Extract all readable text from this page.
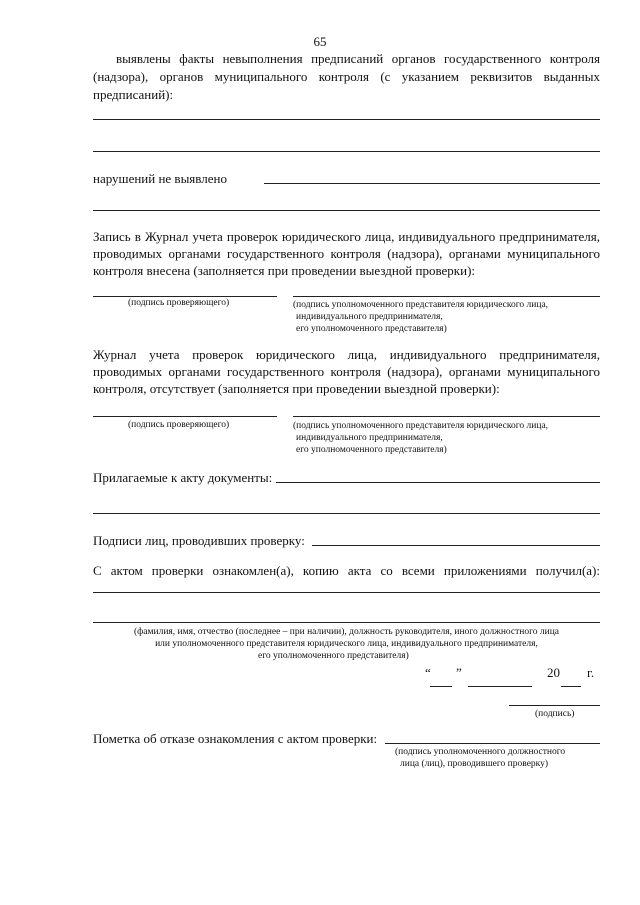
65
выявлены факты невыполнения предписаний органов государственного контроля
(надзора), органов муниципального контроля (с указанием реквизитов выданных
предписаний):
нарушений не выявлено
Запись в Журнал учета проверок юридического лица, индивидуального предпринимателя,
проводимых органами государственного контроля (надзора), органами муниципального
контроля внесена (заполняется при проведении выездной проверки):
(подпись проверяющего)	(подпись уполномоченного представителя юридического лица,
индивидуального предпринимателя,
его уполномоченного представителя)
Журнал учета проверок юридического лица, индивидуального предпринимателя,
проводимых органами государственного контроля (надзора), органами муниципального
контроля, отсутствует (заполняется при проведении выездной проверки):
(подпись проверяющего)	(подпись уполномоченного представителя юридического лица,
индивидуального предпринимателя,
его уполномоченного представителя)
Прилагаемые к акту документы:
Подписи лиц, проводивших проверку:
С актом проверки ознакомлен(а), копию акта со всеми приложениями получил(а):
(фамилия, имя, отчество (последнее – при наличии), должность руководителя, иного должностного лица
или уполномоченного представителя юридического лица, индивидуального предпринимателя,
его уполномоченного представителя)
“ ”	20 г.
(подпись)
Пометка об отказе ознакомления с актом проверки:
(подпись уполномоченного должностного
лица (лиц), проводившего проверку)
